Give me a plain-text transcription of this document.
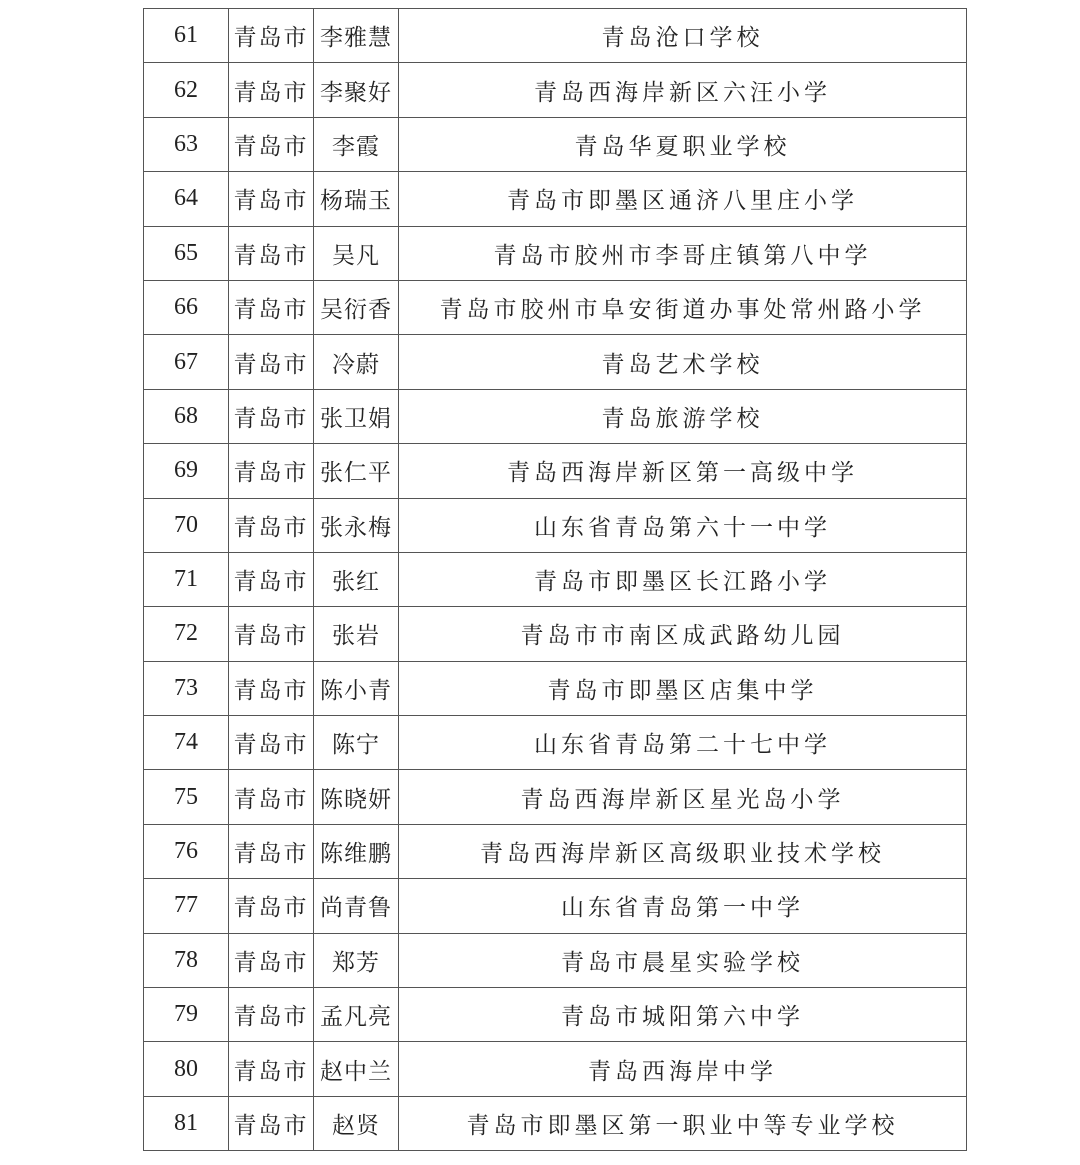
61	青岛市	李雅慧	青岛沧口学校
62	青岛市	李聚好	青岛西海岸新区六汪小学
63	青岛市	李霞	青岛华夏职业学校
64	青岛市	杨瑞玉	青岛市即墨区通济八里庄小学
65	青岛市	吴凡	青岛市胶州市李哥庄镇第八中学
66	青岛市	吴衍香	青岛市胶州市阜安街道办事处常州路小学
67	青岛市	冷蔚	青岛艺术学校
68	青岛市	张卫娟	青岛旅游学校
69	青岛市	张仁平	青岛西海岸新区第一高级中学
70	青岛市	张永梅	山东省青岛第六十一中学
71	青岛市	张红	青岛市即墨区长江路小学
72	青岛市	张岩	青岛市市南区成武路幼儿园
73	青岛市	陈小青	青岛市即墨区店集中学
74	青岛市	陈宁	山东省青岛第二十七中学
75	青岛市	陈晓妍	青岛西海岸新区星光岛小学
76	青岛市	陈维鹏	青岛西海岸新区高级职业技术学校
77	青岛市	尚青鲁	山东省青岛第一中学
78	青岛市	郑芳	青岛市晨星实验学校
79	青岛市	孟凡亮	青岛市城阳第六中学
80	青岛市	赵中兰	青岛西海岸中学
81	青岛市	赵贤	青岛市即墨区第一职业中等专业学校
